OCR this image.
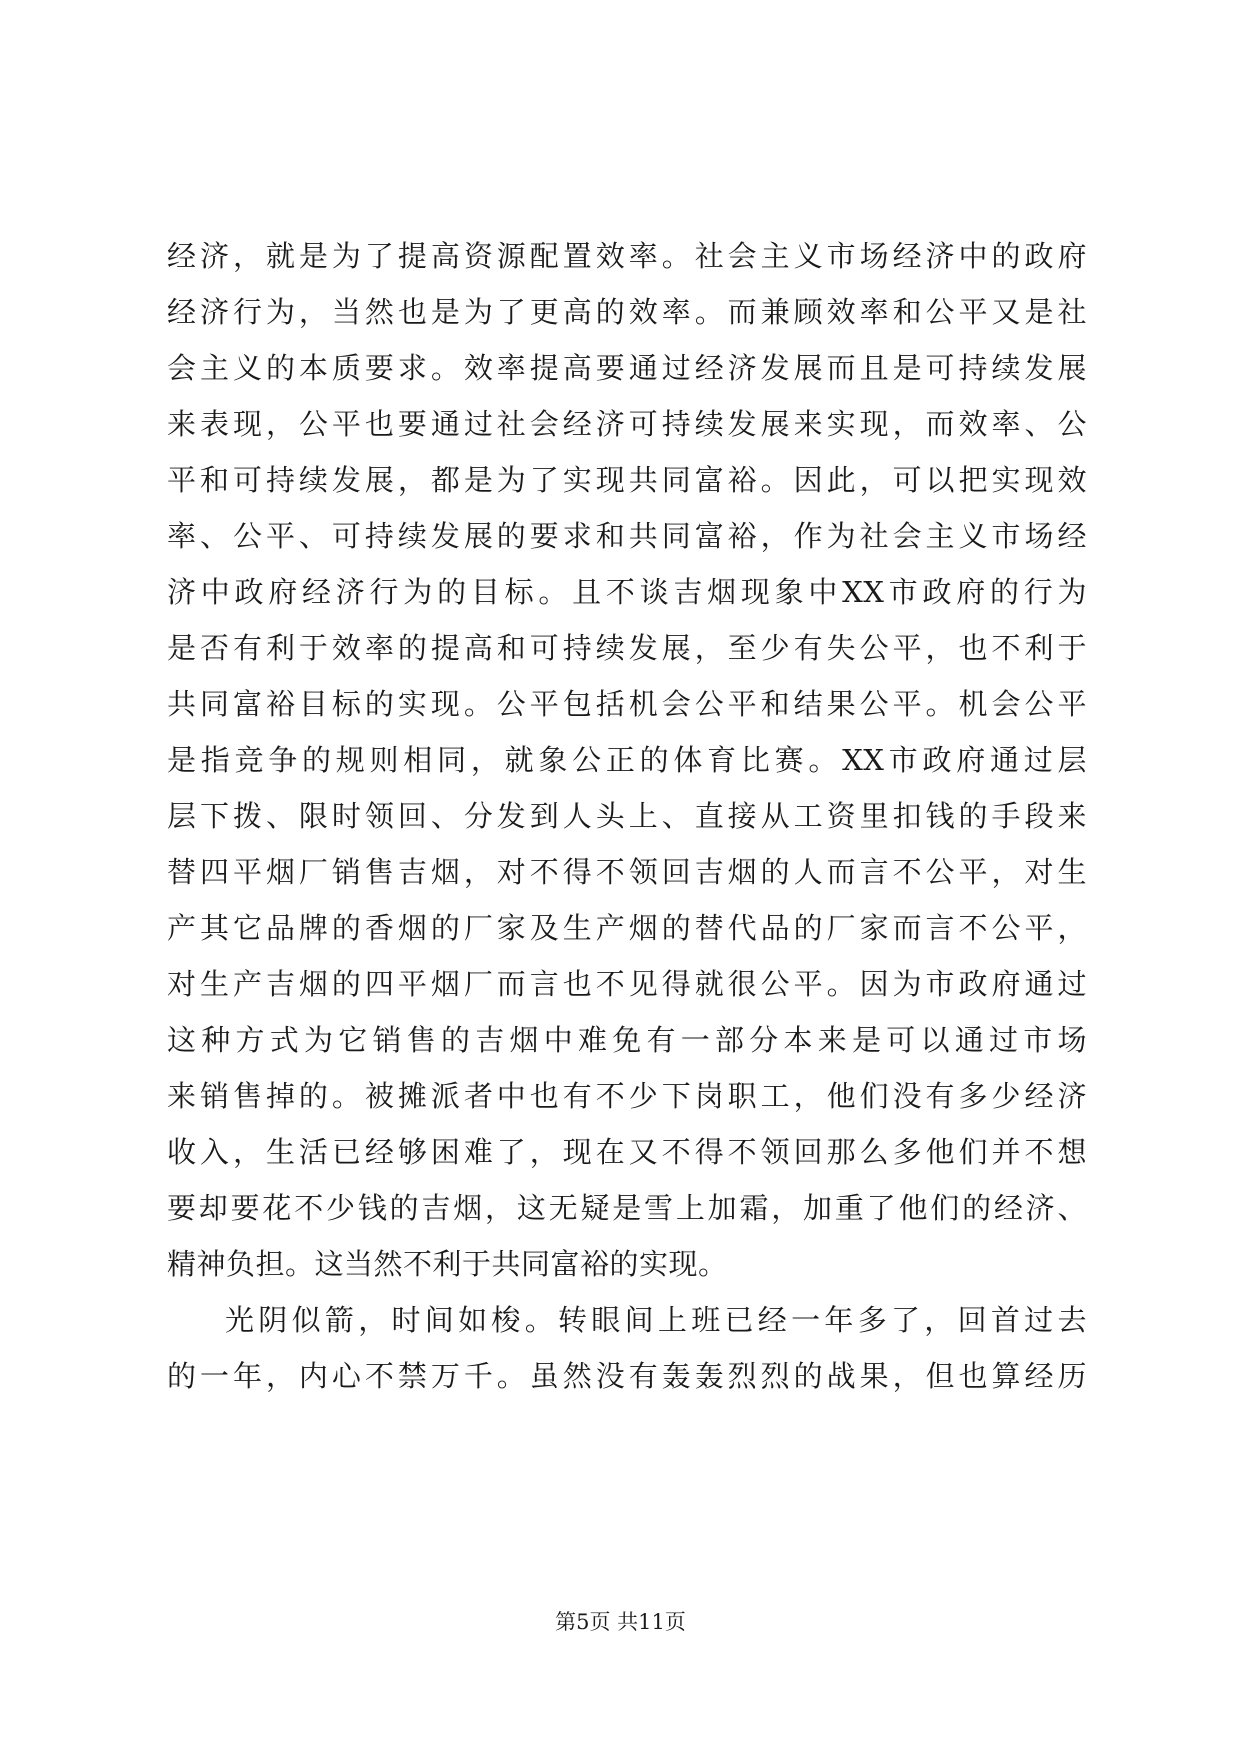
经济，就是为了提高资源配置效率。社会主义市场经济中的政府
经济行为，当然也是为了更高的效率。而兼顾效率和公平又是社
会主义的本质要求。效率提高要通过经济发展而且是可持续发展
来表现，公平也要通过社会经济可持续发展来实现，而效率、公
平和可持续发展，都是为了实现共同富裕。因此，可以把实现效
率、公平、可持续发展的要求和共同富裕，作为社会主义市场经
济中政府经济行为的目标。且不谈吉烟现象中XX市政府的行为
是否有利于效率的提高和可持续发展，至少有失公平，也不利于
共同富裕目标的实现。公平包括机会公平和结果公平。机会公平
是指竞争的规则相同，就象公正的体育比赛。XX市政府通过层
层下拨、限时领回、分发到人头上、直接从工资里扣钱的手段来
替四平烟厂销售吉烟，对不得不领回吉烟的人而言不公平，对生
产其它品牌的香烟的厂家及生产烟的替代品的厂家而言不公平，
对生产吉烟的四平烟厂而言也不见得就很公平。因为市政府通过
这种方式为它销售的吉烟中难免有一部分本来是可以通过市场
来销售掉的。被摊派者中也有不少下岗职工，他们没有多少经济
收入，生活已经够困难了，现在又不得不领回那么多他们并不想
要却要花不少钱的吉烟，这无疑是雪上加霜，加重了他们的经济、
精神负担。这当然不利于共同富裕的实现。
光阴似箭，时间如梭。转眼间上班已经一年多了，回首过去
的一年，内心不禁万千。虽然没有轰轰烈烈的战果，但也算经历
第5页 共11页
